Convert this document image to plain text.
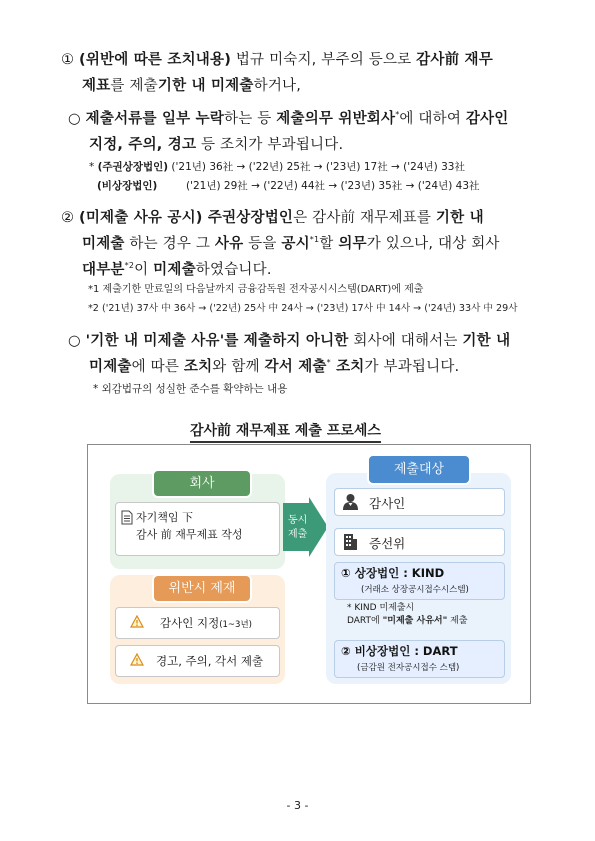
① (위반에 따른 조치내용) 법규 미숙지, 부주의 등으로 감사前 재무
제표를 제출기한 내 미제출하거나,
○ 제출서류를 일부 누락하는 등 제출의무 위반회사*에 대하여 감사인
지정, 주의, 경고 등 조치가 부과됩니다.
* (주권상장법인) ('21년) 36社 → ('22년) 25社 → ('23년) 17社 → ('24년) 33社
(비상장법인)	('21년) 29社 → ('22년) 44社 → ('23년) 35社 → ('24년) 43社
② (미제출 사유 공시) 주권상장법인은 감사前 재무제표를 기한 내
미제출 하는 경우 그 사유 등을 공시$^{*1}$할 의무가 있으나, 대상 회사
대부분$^{*2}$이 미제출하였습니다.
*1 제출기한 만료일의 다음날까지 금융감독원 전자공시시스템(DART)에 제출
*2 ('21년) 37사 中 36사 → ('22년) 25사 中 24사 → ('23년) 17사 中 14사 → ('24년) 33사 中 29사
○ '기한 내 미제출 사유'를 제출하지 아니한 회사에 대해서는 기한 내
미제출에 따른 조치와 함께 각서 제출* 조치가 부과됩니다.
* 외감법규의 성실한 준수를 확약하는 내용
감사前 재무제표 제출 프로세스
회사
자기책임 下
감사 前 재무제표 작성
위반시 제재
감사인 지정(1~3년)
경고, 주의, 각서 제출
동시
제출
제출대상
감사인
증선위
① 상장법인 : KIND
(거래소 상장공시접수시스템)
* KIND 미제출시
DART에 "미제출 사유서" 제출
② 비상장법인 : DART
(금감원 전자공시접수 스템)
- 3 -
